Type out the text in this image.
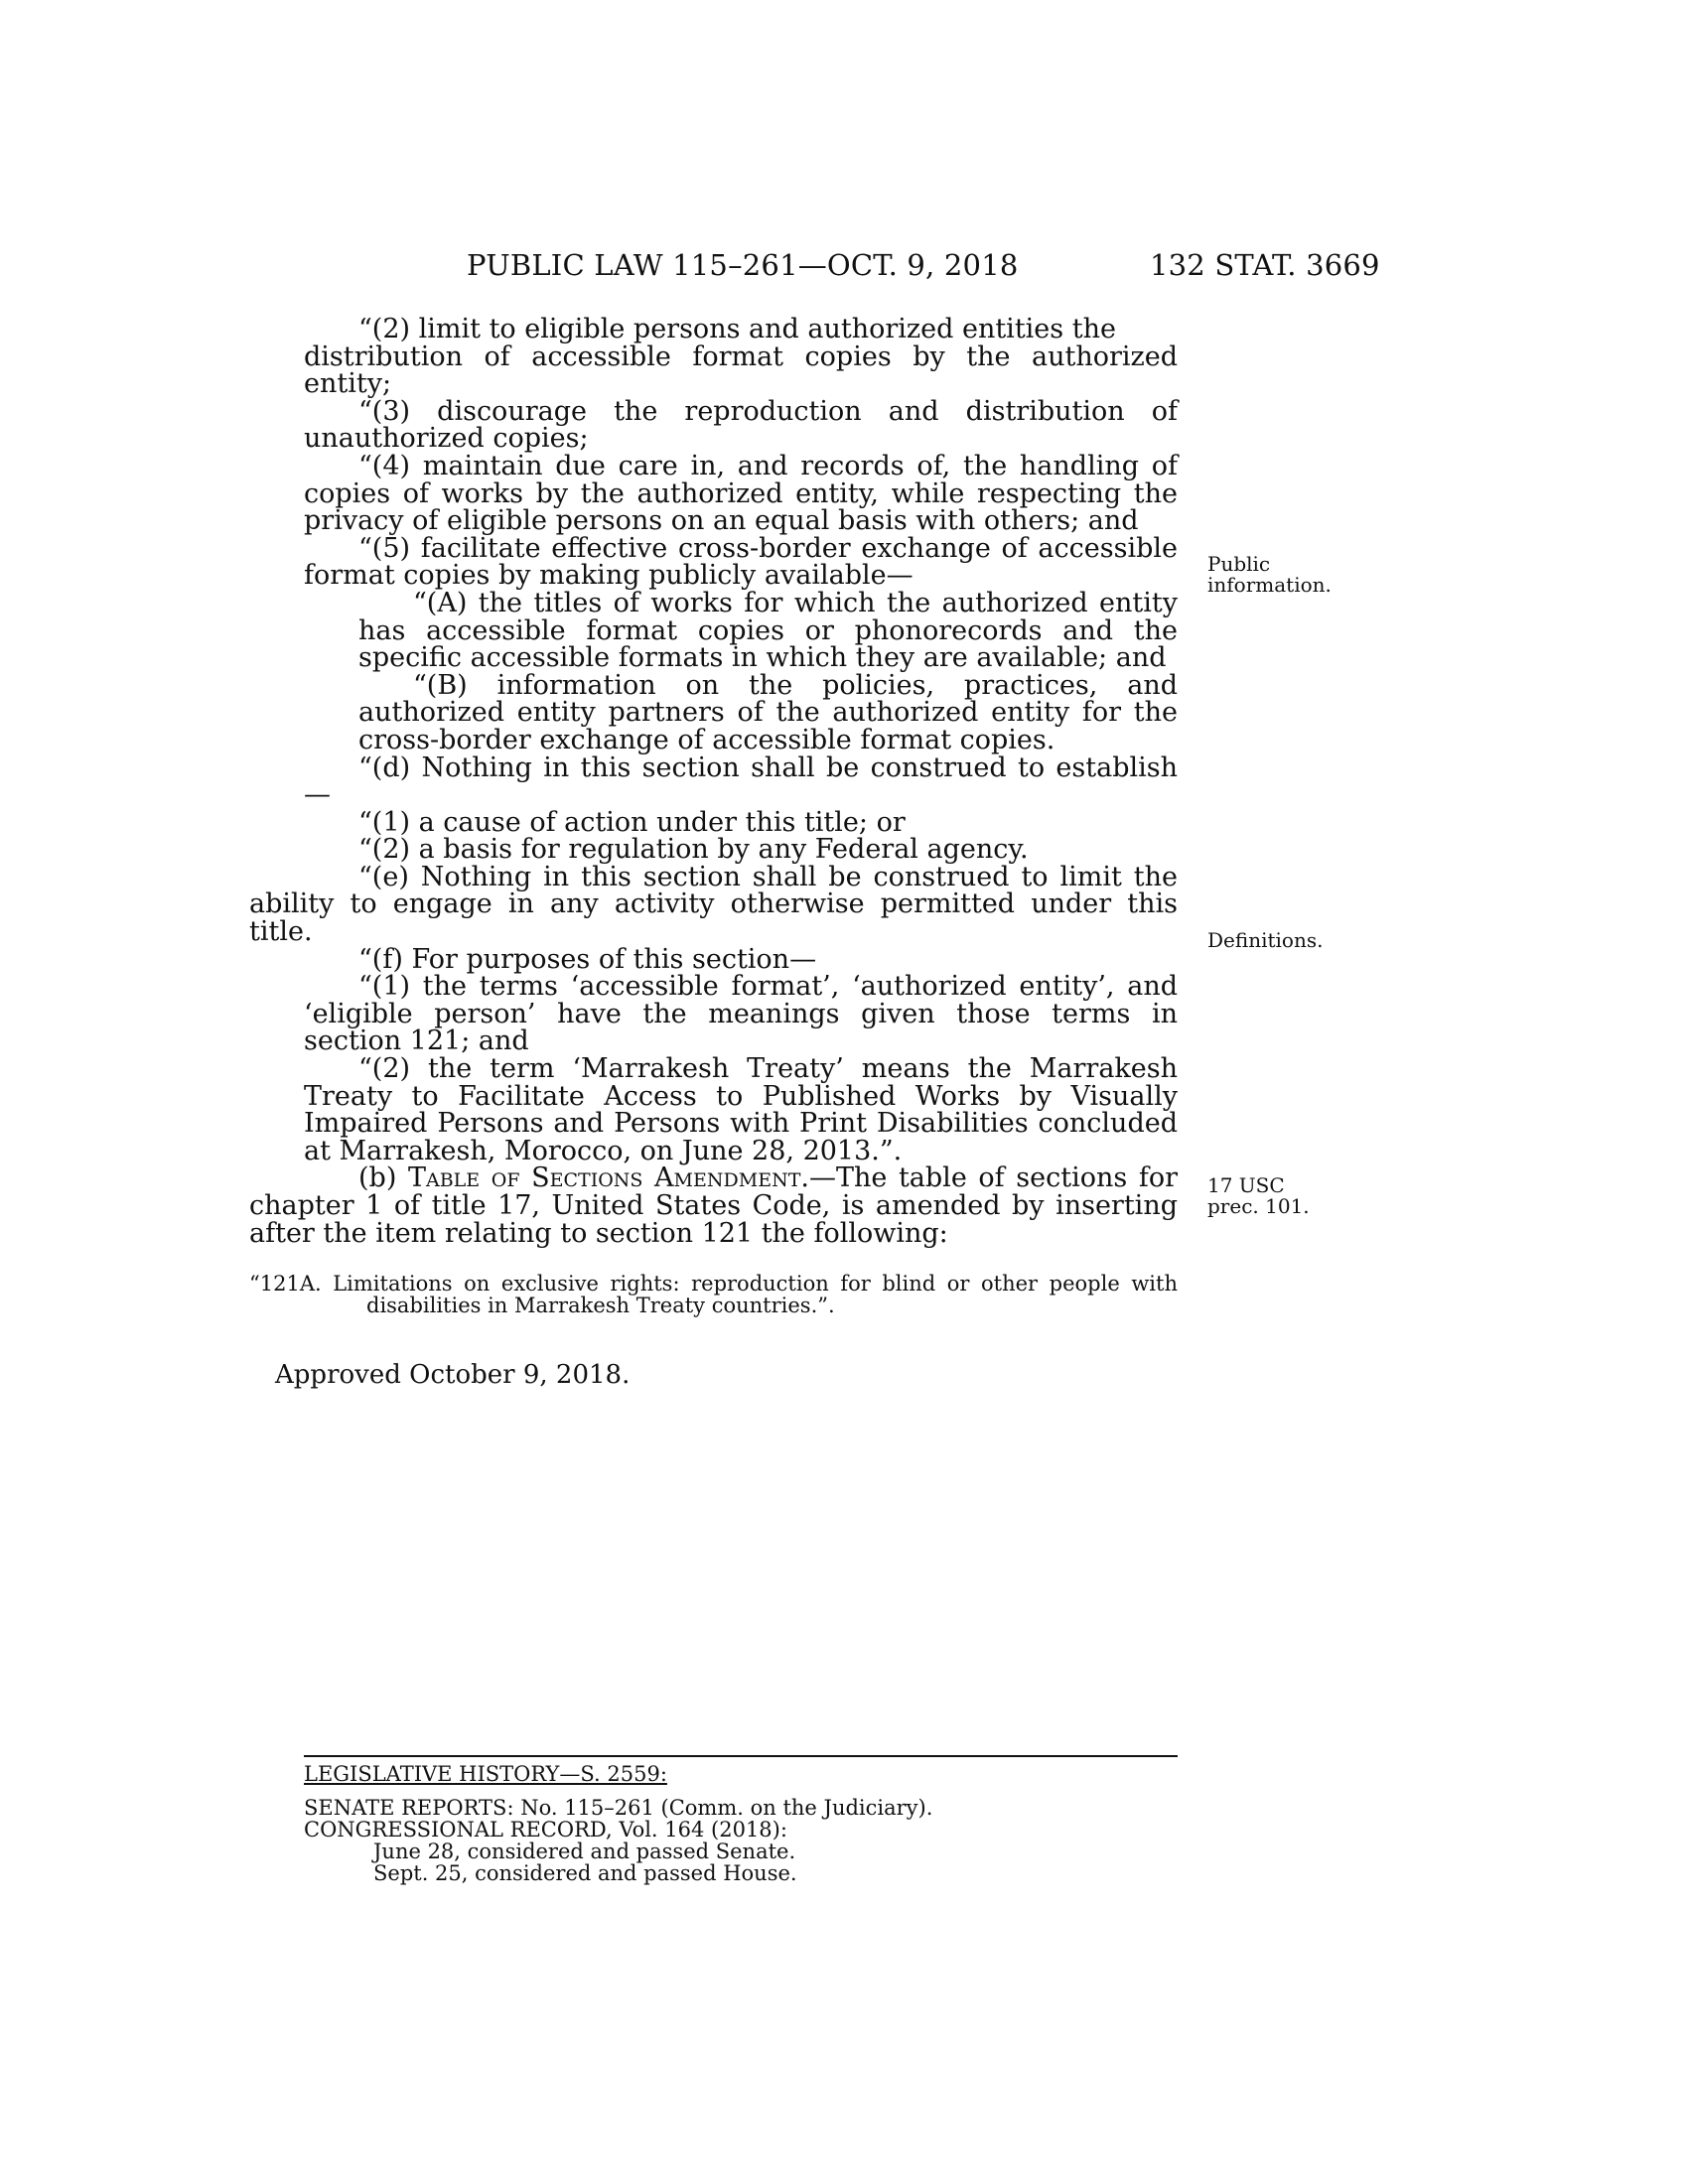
PUBLIC LAW 115–261—OCT. 9, 2018	132 STAT. 3669

“(2) limit to eligible persons and authorized entities the

distribution of accessible format copies by the authorized entity;

“(3) discourage the reproduction and distribution of unauthorized copies;

“(4) maintain due care in, and records of, the handling of copies of works by the authorized entity, while respecting the privacy of eligible persons on an equal basis with others; and

“(5) facilitate effective cross-border exchange of accessible format copies by making publicly available—

“(A) the titles of works for which the authorized entity has accessible format copies or phonorecords and the specific accessible formats in which they are available; and

“(B) information on the policies, practices, and authorized entity partners of the authorized entity for the cross-border exchange of accessible format copies.

“(d) Nothing in this section shall be construed to establish—

“(1) a cause of action under this title; or

“(2) a basis for regulation by any Federal agency.

“(e) Nothing in this section shall be construed to limit the ability to engage in any activity otherwise permitted under this title.

“(f) For purposes of this section—

“(1) the terms ‘accessible format’, ‘authorized entity’, and ‘eligible person’ have the meanings given those terms in section 121; and

“(2) the term ‘Marrakesh Treaty’ means the Marrakesh Treaty to Facilitate Access to Published Works by Visually Impaired Persons and Persons with Print Disabilities concluded at Marrakesh, Morocco, on June 28, 2013.”.

(b) Table of Sections Amendment.—The table of sections for chapter 1 of title 17, United States Code, is amended by inserting after the item relating to section 121 the following:

“121A. Limitations on exclusive rights: reproduction for blind or other people with disabilities in Marrakesh Treaty countries.”.

Approved October 9, 2018.

Public information.
Definitions.
17 USC
prec. 101.

LEGISLATIVE HISTORY—S. 2559:

SENATE REPORTS: No. 115–261 (Comm. on the Judiciary).

CONGRESSIONAL RECORD, Vol. 164 (2018):

June 28, considered and passed Senate.

Sept. 25, considered and passed House.
